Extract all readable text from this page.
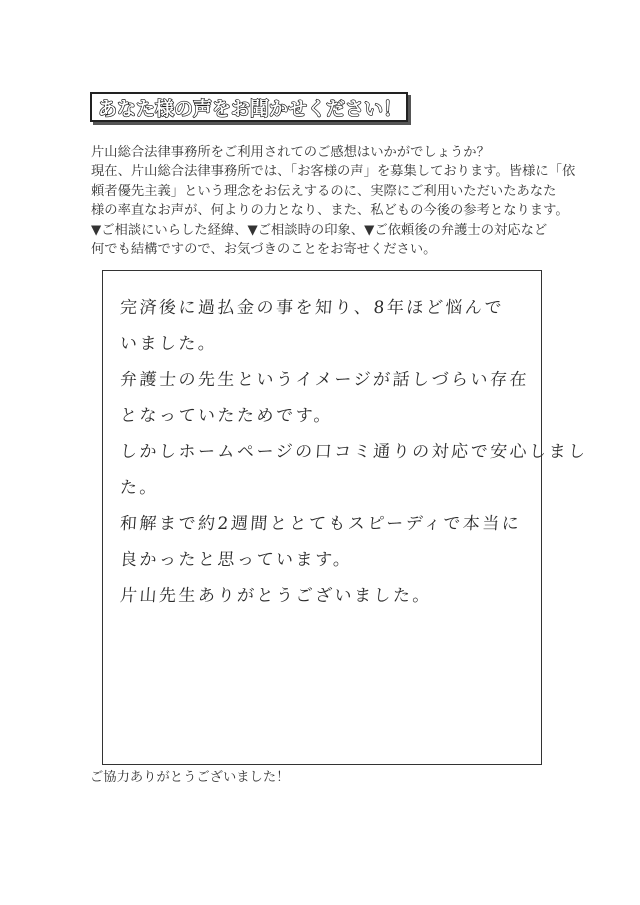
あなた様の声をお聞かせください！
片山総合法律事務所をご利用されてのご感想はいかがでしょうか？
現在、片山総合法律事務所では、「お客様の声」を募集しております。皆様に「依
頼者優先主義」という理念をお伝えするのに、実際にご利用いただいたあなた
様の率直なお声が、何よりの力となり、また、私どもの今後の参考となります。
▼ご相談にいらした経緯、▼ご相談時の印象、▼ご依頼後の弁護士の対応など
何でも結構ですので、お気づきのことをお寄せください。
完済後に過払金の事を知り、8年ほど悩んで
いました。
弁護士の先生というイメージが話しづらい存在
となっていたためです。
しかしホームページの口コミ通りの対応で安心しまし
た。
和解まで約2週間ととてもスピーディで本当に
良かったと思っています。
片山先生ありがとうございました。
ご協力ありがとうございました！
